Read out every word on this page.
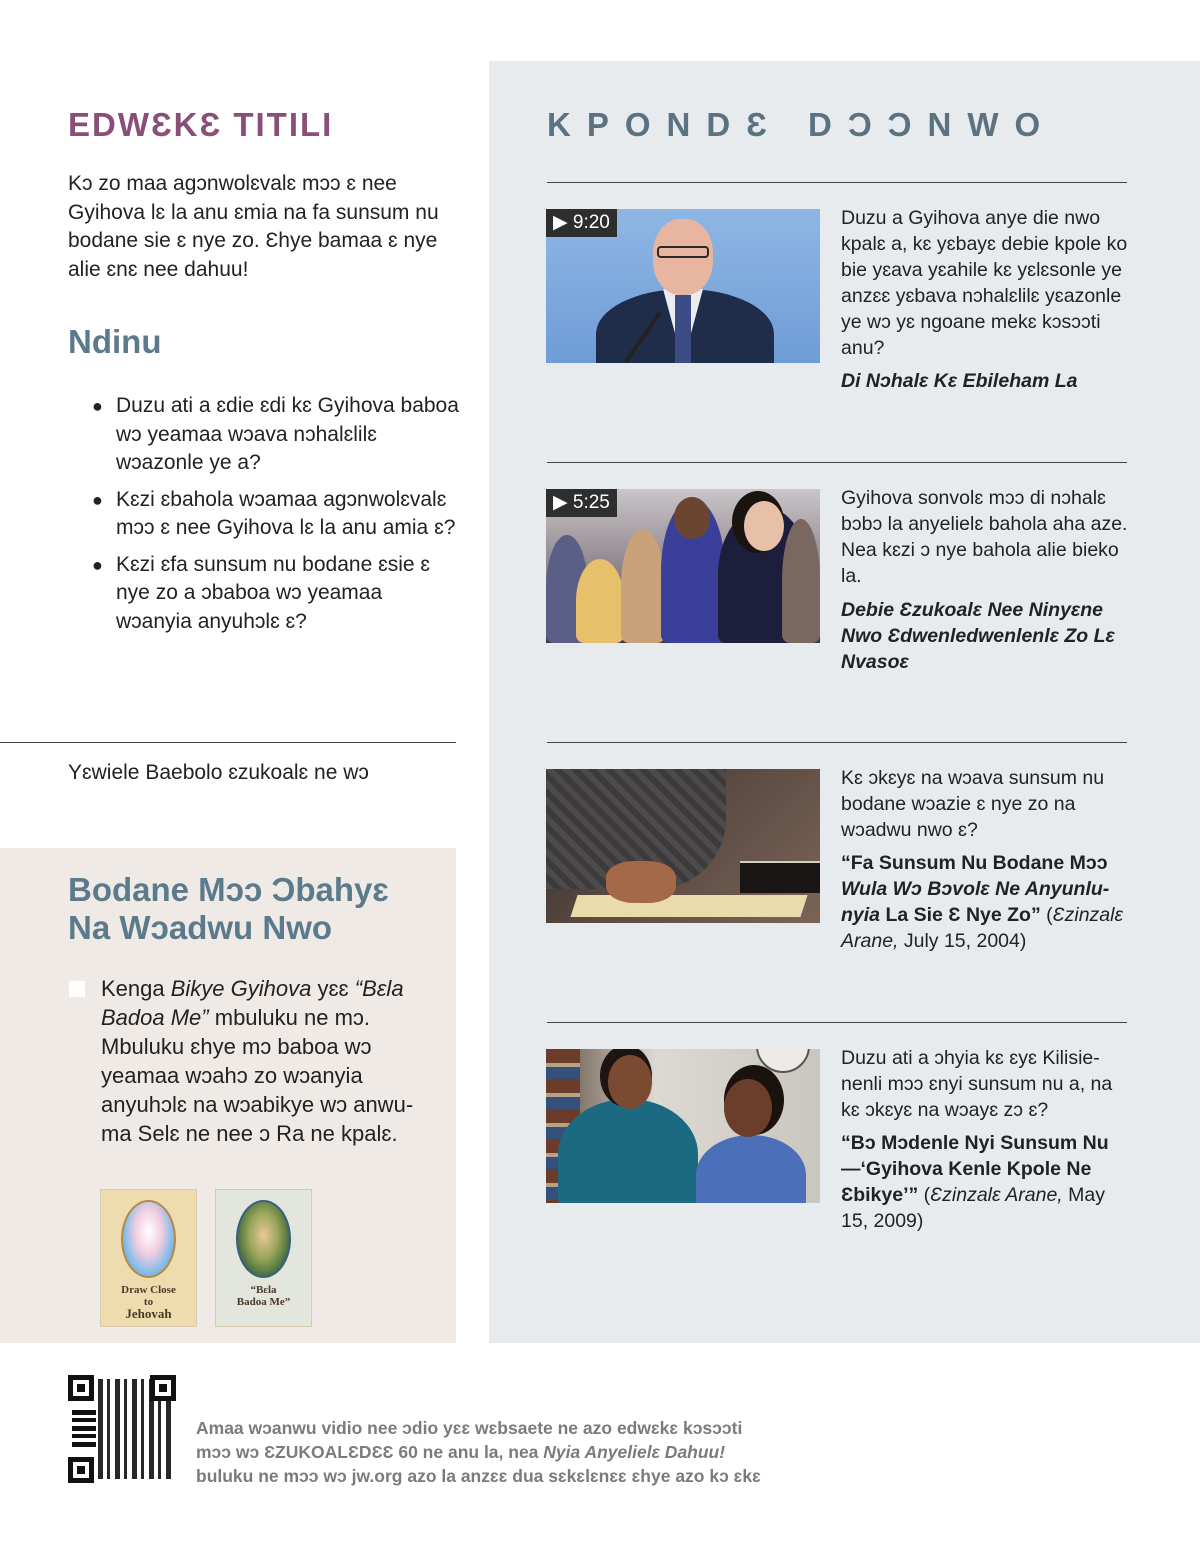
EDWƐKƐ TITILI

Kɔ zo maa agɔnwolɛvalɛ mɔɔ ɛ nee Gyihova lɛ la anu ɛmia na fa sunsum nu bodane sie ɛ nye zo. Ɛhye bamaa ɛ nye alie ɛnɛ nee dahuu!

Ndinu
● Duzu ati a ɛdie ɛdi kɛ Gyihova baboa wɔ yeamaa wɔava nɔhalɛlilɛ wɔazonle ye a?
● Kɛzi ɛbahola wɔamaa agɔnwolɛvalɛ mɔɔ ɛ nee Gyihova lɛ la anu amia ɛ?
● Kɛzi ɛfa sunsum nu bodane ɛsie ɛ nye zo a ɔbaboa wɔ yeamaa wɔanyia anyuhɔlɛ ɛ?

Yɛwiele Baebolo ɛzukoalɛ ne wɔ

Bodane Mɔɔ Ɔbahyɛ Na Wɔadwu Nwo

Kenga Bikye Gyihova yɛɛ “Bɛla Badoa Me” mbuluku ne mɔ. Mbuluku ɛhye mɔ baboa wɔ yeamaa wɔahɔ zo wɔanyia anyuhɔlɛ na wɔabikye wɔ anwuma Selɛ ne nee ɔ Ra ne kpalɛ.

Draw Close
to
Jehovah
“Bɛla
Badoa Me”
KPONDƐ DƆƆNWO
▶ 9:20	Duzu a Gyihova anye die nwo kpalɛ a, kɛ yɛbayɛ debie kpole ko bie yɛava yɛahile kɛ yɛlɛsonle ye anzɛɛ yɛbava nɔhalɛlilɛ yɛazonle ye wɔ yɛ ngoane mekɛ kɔsɔɔti anu?

Di Nɔhalɛ Kɛ Ebileham La

▶ 5:25	Gyihova sonvolɛ mɔɔ di nɔhalɛ bɔbɔ la anyelielɛ bahola aha aze. Nea kɛzi ɔ nye bahola alie bieko la.

Debie Ɛzukoalɛ Nee Ninyɛne Nwo Ɛdwenledwenlenlɛ Zo Lɛ Nvasoɛ

Kɛ ɔkɛyɛ na wɔava sunsum nu bodane wɔazie ɛ nye zo na wɔadwu nwo ɛ?

“Fa Sunsum Nu Bodane Mɔɔ Wula Wɔ Bɔvolɛ Ne Anyunlunyia La Sie Ɛ Nye Zo” (Ɛzinzalɛ Arane, July 15, 2004)

Duzu ati a ɔhyia kɛ ɛyɛ Kilisienenli mɔɔ ɛnyi sunsum nu a, na kɛ ɔkɛyɛ na wɔayɛ zɔ ɛ?

“Bɔ Mɔdenle Nyi Sunsum Nu —‘Gyihova Kenle Kpole Ne Ɛbikye’” (Ɛzinzalɛ Arane, May 15, 2009)

Amaa wɔanwu vidio nee ɔdio yɛɛ wɛbsaete ne azo edwɛkɛ kɔsɔɔti
mɔɔ wɔ ƐZUKOALƐDƐƐ 60 ne anu la, nea Nyia Anyelielɛ Dahuu!
buluku ne mɔɔ wɔ jw.org azo la anzɛɛ dua sɛkɛlɛnɛɛ ɛhye azo kɔ ɛkɛ
